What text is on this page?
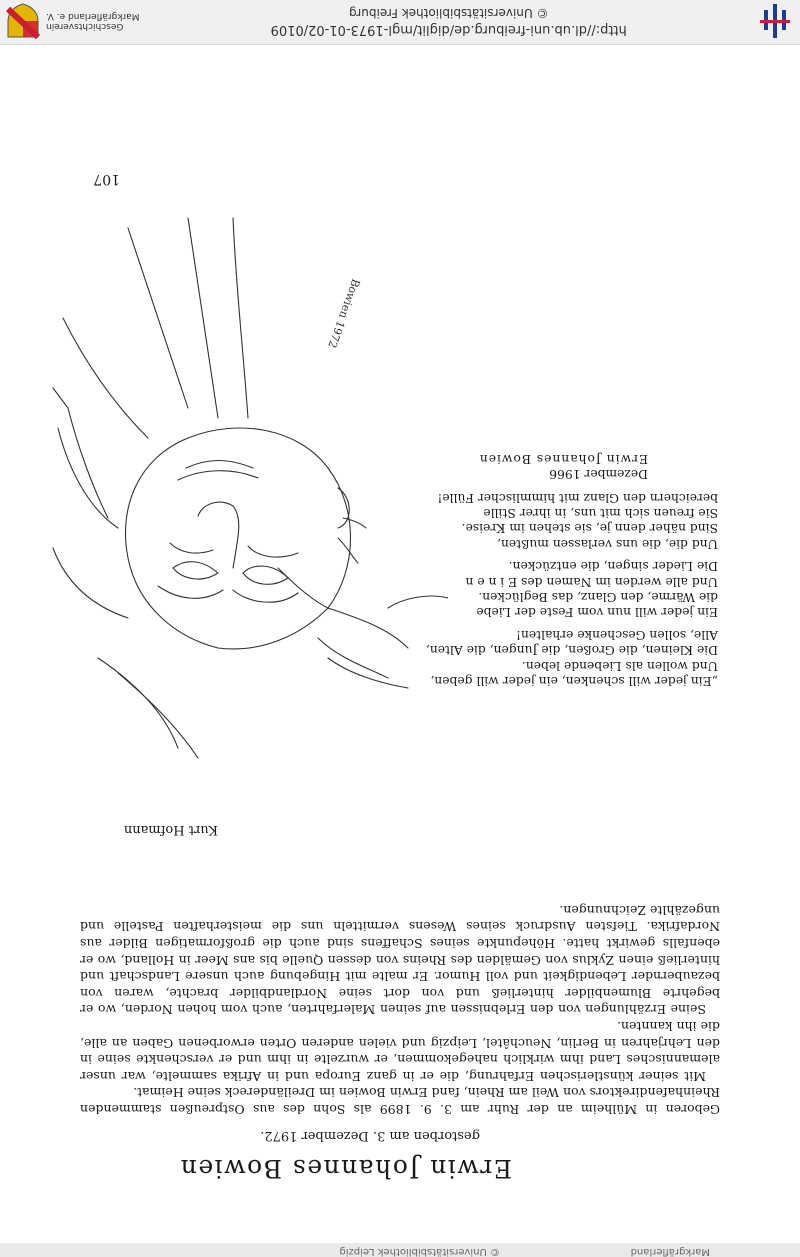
© Universitätsbibliothek Leipzig	Markgräflerland
Erwin Johannes Bowien
gestorben am 3. Dezember 1972.

Geboren in Mülheim an der Ruhr am 3. 9. 1899 als Sohn des aus Ostpreußen stammenden Rheinhafendirektors von Weil am Rhein, fand Erwin Bowien im Dreiländereck seine Heimat.

Mit seiner künstlerischen Erfahrung, die er in ganz Europa und in Afrika sammelte, war unser alemannisches Land ihm wirklich nahegekommen, er wurzelte in ihm und er verschenkte seine in den Lehrjahren in Berlin, Neuchâtel, Leipzig und vielen anderen Orten erworbenen Gaben an alle, die ihn kannten.

Seine Erzählungen von den Erlebnissen auf seinen Malerfahrten, auch vom hohen Norden, wo er begehrte Blumenbilder hinterließ und von dort seine Nordlandbilder brachte, waren von bezaubernder Lebendigkeit und voll Humor. Er malte mit Hingebung auch unsere Landschaft und hinterließ einen Zyklus von Gemälden des Rheins von dessen Quelle bis ans Meer in Holland, wo er ebenfalls gewirkt hatte. Höhepunkte seines Schaffens sind auch die großformatigen Bilder aus Nordafrika. Tiefsten Ausdruck seines Wesens vermitteln uns die meisterhaften Pastelle und ungezählte Zeichnungen.

Kurt Hofmann
Bowien 1972
„Ein jeder will schenken, ein jeder will geben,
Und wollen als Liebende leben.
Die Kleinen, die Großen, die Jungen, die Alten,
Alle, sollen Geschenke erhalten!
Ein jeder will nun vom Feste der Liebe
die Wärme, den Glanz, das Beglücken.
Und alle werden im Namen des E i n e n
Die Lieder singen, die entzücken.
Und die, die uns verlassen mußten,
Sind näher denn je, sie stehen im Kreise.
Sie freuen sich mit uns, in ihrer Stille
bereichern den Glanz mit himmlischer Fülle!
Dezember 1966
Erwin Johannes Bowien
107
http://dl.ub.uni-freiburg.de/diglit/mgl-1973-01-02/0109
© Universitätsbibliothek Freiburg
Geschichtsverein
Markgräflerland e. V.
